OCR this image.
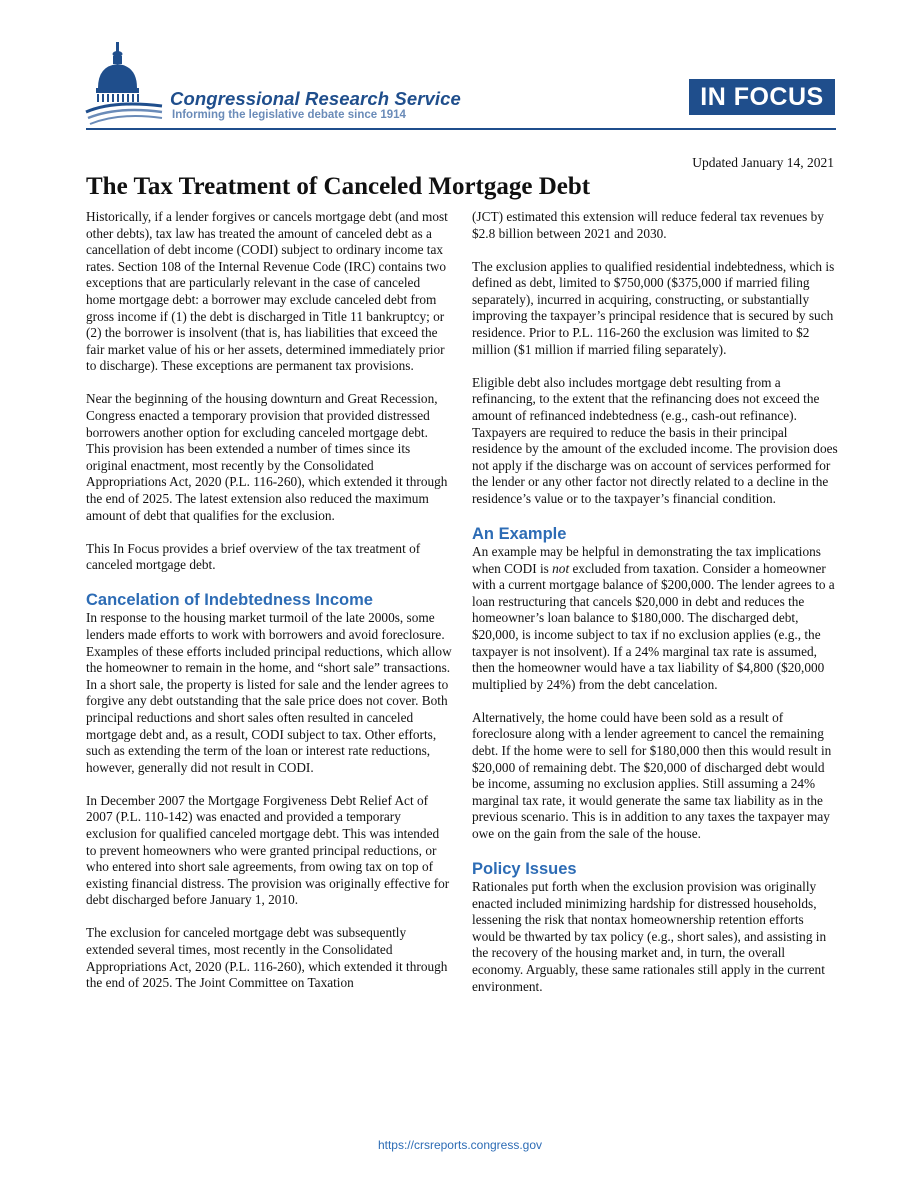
Congressional Research Service
Informing the legislative debate since 1914
IN FOCUS
Updated January 14, 2021
The Tax Treatment of Canceled Mortgage Debt

Historically, if a lender forgives or cancels mortgage debt (and most other debts), tax law has treated the amount of canceled debt as a cancellation of debt income (CODI) subject to ordinary income tax rates. Section 108 of the Internal Revenue Code (IRC) contains two exceptions that are particularly relevant in the case of canceled home mortgage debt: a borrower may exclude canceled debt from gross income if (1) the debt is discharged in Title 11 bankruptcy; or (2) the borrower is insolvent (that is, has liabilities that exceed the fair market value of his or her assets, determined immediately prior to discharge). These exceptions are permanent tax provisions.

Near the beginning of the housing downturn and Great Recession, Congress enacted a temporary provision that provided distressed borrowers another option for excluding canceled mortgage debt. This provision has been extended a number of times since its original enactment, most recently by the Consolidated Appropriations Act, 2020 (P.L. 116-260), which extended it through the end of 2025. The latest extension also reduced the maximum amount of debt that qualifies for the exclusion.

This In Focus provides a brief overview of the tax treatment of canceled mortgage debt.

Cancelation of Indebtedness Income

In response to the housing market turmoil of the late 2000s, some lenders made efforts to work with borrowers and avoid foreclosure. Examples of these efforts included principal reductions, which allow the homeowner to remain in the home, and “short sale” transactions. In a short sale, the property is listed for sale and the lender agrees to forgive any debt outstanding that the sale price does not cover. Both principal reductions and short sales often resulted in canceled mortgage debt and, as a result, CODI subject to tax. Other efforts, such as extending the term of the loan or interest rate reductions, however, generally did not result in CODI.

In December 2007 the Mortgage Forgiveness Debt Relief Act of 2007 (P.L. 110-142) was enacted and provided a temporary exclusion for qualified canceled mortgage debt. This was intended to prevent homeowners who were granted principal reductions, or who entered into short sale agreements, from owing tax on top of existing financial distress. The provision was originally effective for debt discharged before January 1, 2010.

The exclusion for canceled mortgage debt was subsequently extended several times, most recently in the Consolidated Appropriations Act, 2020 (P.L. 116-260), which extended it through the end of 2025. The Joint Committee on Taxation

(JCT) estimated this extension will reduce federal tax revenues by $2.8 billion between 2021 and 2030.

The exclusion applies to qualified residential indebtedness, which is defined as debt, limited to $750,000 ($375,000 if married filing separately), incurred in acquiring, constructing, or substantially improving the taxpayer’s principal residence that is secured by such residence. Prior to P.L. 116-260 the exclusion was limited to $2 million ($1 million if married filing separately).

Eligible debt also includes mortgage debt resulting from a refinancing, to the extent that the refinancing does not exceed the amount of refinanced indebtedness (e.g., cash-out refinance). Taxpayers are required to reduce the basis in their principal residence by the amount of the excluded income. The provision does not apply if the discharge was on account of services performed for the lender or any other factor not directly related to a decline in the residence’s value or to the taxpayer’s financial condition.

An Example

An example may be helpful in demonstrating the tax implications when CODI is not excluded from taxation. Consider a homeowner with a current mortgage balance of $200,000. The lender agrees to a loan restructuring that cancels $20,000 in debt and reduces the homeowner’s loan balance to $180,000. The discharged debt, $20,000, is income subject to tax if no exclusion applies (e.g., the taxpayer is not insolvent). If a 24% marginal tax rate is assumed, then the homeowner would have a tax liability of $4,800 ($20,000 multiplied by 24%) from the debt cancelation.

Alternatively, the home could have been sold as a result of foreclosure along with a lender agreement to cancel the remaining debt. If the home were to sell for $180,000 then this would result in $20,000 of remaining debt. The $20,000 of discharged debt would be income, assuming no exclusion applies. Still assuming a 24% marginal tax rate, it would generate the same tax liability as in the previous scenario. This is in addition to any taxes the taxpayer may owe on the gain from the sale of the house.

Policy Issues

Rationales put forth when the exclusion provision was originally enacted included minimizing hardship for distressed households, lessening the risk that nontax homeownership retention efforts would be thwarted by tax policy (e.g., short sales), and assisting in the recovery of the housing market and, in turn, the overall economy. Arguably, these same rationales still apply in the current environment.

https://crsreports.congress.gov
